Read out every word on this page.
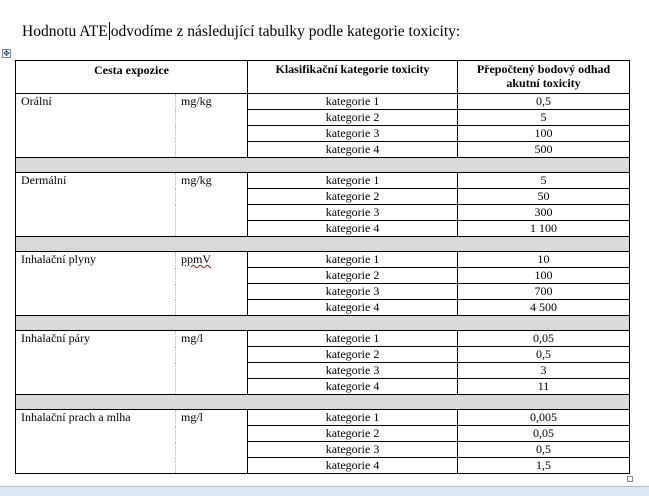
Hodnotu ATE odvodíme z následující tabulky podle kategorie toxicity:
✥
Cesta expozice		Klasifikační kategorie toxicity	Přepočtený bodový odhad akutní toxicity
Orální	mg/kg	kategorie 1	0,5
		kategorie 2	5
		kategorie 3	100
		kategorie 4	500

Dermální	mg/kg	kategorie 1	5
		kategorie 2	50
		kategorie 3	300
		kategorie 4	1 100

Inhalační plyny	ppmV	kategorie 1	10
		kategorie 2	100
		kategorie 3	700
		kategorie 4	4 500

Inhalační páry	mg/l	kategorie 1	0,05
		kategorie 2	0,5
		kategorie 3	3
		kategorie 4	11

Inhalační prach a mlha	mg/l	kategorie 1	0,005
		kategorie 2	0,05
		kategorie 3	0,5
		kategorie 4	1,5
